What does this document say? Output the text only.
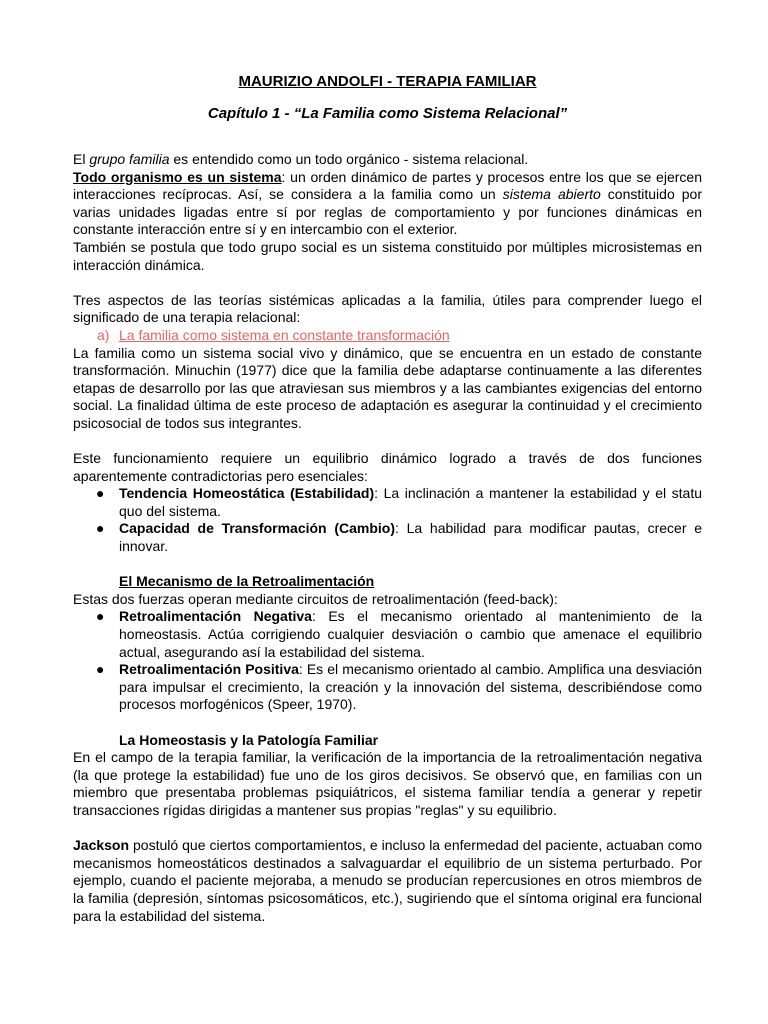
MAURIZIO ANDOLFI - TERAPIA FAMILIAR
Capítulo 1 - “La Familia como Sistema Relacional”

El grupo familia es entendido como un todo orgánico - sistema relacional.

Todo organismo es un sistema: un orden dinámico de partes y procesos entre los que se ejercen interacciones recíprocas. Así, se considera a la familia como un sistema abierto constituido por varias unidades ligadas entre sí por reglas de comportamiento y por funciones dinámicas en constante interacción entre sí y en intercambio con el exterior.

También se postula que todo grupo social es un sistema constituido por múltiples microsistemas en interacción dinámica.

Tres aspectos de las teorías sistémicas aplicadas a la familia, útiles para comprender luego el significado de una terapia relacional:

a) La familia como sistema en constante transformación

La familia como un sistema social vivo y dinámico, que se encuentra en un estado de constante transformación. Minuchin (1977) dice que la familia debe adaptarse continuamente a las diferentes etapas de desarrollo por las que atraviesan sus miembros y a las cambiantes exigencias del entorno social. La finalidad última de este proceso de adaptación es asegurar la continuidad y el crecimiento psicosocial de todos sus integrantes.

Este funcionamiento requiere un equilibrio dinámico logrado a través de dos funciones aparentemente contradictorias pero esenciales:

● Tendencia Homeostática (Estabilidad): La inclinación a mantener la estabilidad y el statu quo del sistema.
● Capacidad de Transformación (Cambio): La habilidad para modificar pautas, crecer e innovar.

El Mecanismo de la Retroalimentación

Estas dos fuerzas operan mediante circuitos de retroalimentación (feed-back):

● Retroalimentación Negativa: Es el mecanismo orientado al mantenimiento de la homeostasis. Actúa corrigiendo cualquier desviación o cambio que amenace el equilibrio actual, asegurando así la estabilidad del sistema.
● Retroalimentación Positiva: Es el mecanismo orientado al cambio. Amplifica una desviación para impulsar el crecimiento, la creación y la innovación del sistema, describiéndose como procesos morfogénicos (Speer, 1970).

La Homeostasis y la Patología Familiar

En el campo de la terapia familiar, la verificación de la importancia de la retroalimentación negativa (la que protege la estabilidad) fue uno de los giros decisivos. Se observó que, en familias con un miembro que presentaba problemas psiquiátricos, el sistema familiar tendía a generar y repetir transacciones rígidas dirigidas a mantener sus propias "reglas" y su equilibrio.

Jackson postuló que ciertos comportamientos, e incluso la enfermedad del paciente, actuaban como mecanismos homeostáticos destinados a salvaguardar el equilibrio de un sistema perturbado. Por ejemplo, cuando el paciente mejoraba, a menudo se producían repercusiones en otros miembros de la familia (depresión, síntomas psicosomáticos, etc.), sugiriendo que el síntoma original era funcional para la estabilidad del sistema.
